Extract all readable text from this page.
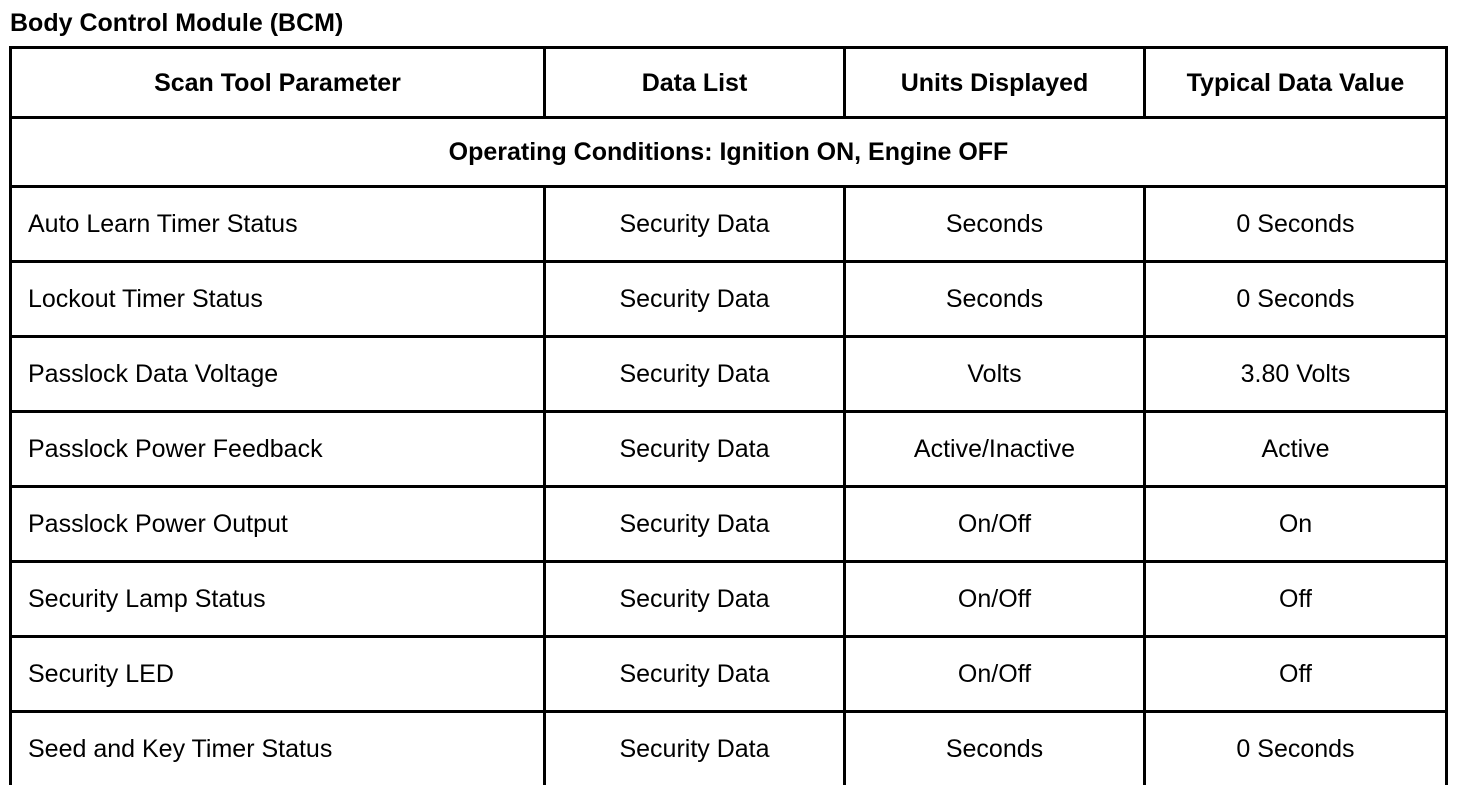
Body Control Module (BCM)
Scan Tool Parameter	Data List	Units Displayed	Typical Data Value
Operating Conditions: Ignition ON, Engine OFF			
Auto Learn Timer Status	Security Data	Seconds	0 Seconds
Lockout Timer Status	Security Data	Seconds	0 Seconds
Passlock Data Voltage	Security Data	Volts	3.80 Volts
Passlock Power Feedback	Security Data	Active/Inactive	Active
Passlock Power Output	Security Data	On/Off	On
Security Lamp Status	Security Data	On/Off	Off
Security LED	Security Data	On/Off	Off
Seed and Key Timer Status	Security Data	Seconds	0 Seconds
